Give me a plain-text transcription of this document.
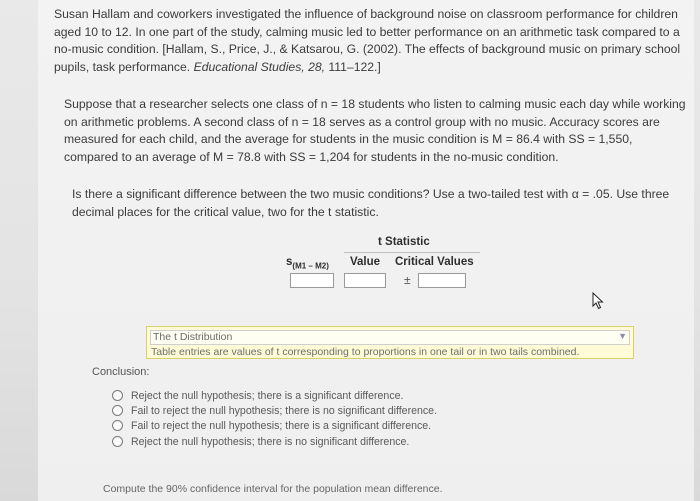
Susan Hallam and coworkers investigated the influence of background noise on classroom performance for children aged 10 to 12. In one part of the study, calming music led to better performance on an arithmetic task compared to a no-music condition. [Hallam, S., Price, J., & Katsarou, G. (2002). The effects of background music on primary school pupils, task performance. Educational Studies, 28, 111–122.]
Suppose that a researcher selects one class of n = 18 students who listen to calming music each day while working on arithmetic problems. A second class of n = 18 serves as a control group with no music. Accuracy scores are measured for each child, and the average for students in the music condition is M = 86.4 with SS = 1,550, compared to an average of M = 78.8 with SS = 1,204 for students in the no-music condition.
Is there a significant difference between the two music conditions? Use a two-tailed test with α = .05. Use three decimal places for the critical value, two for the t statistic.
t Statistic
$s_{(M1 - M2)}$ Value Critical Values
±
The t Distribution	▼
Table entries are values of t corresponding to proportions in one tail or in two tails combined.
Conclusion:
Reject the null hypothesis; there is a significant difference.
Fail to reject the null hypothesis; there is no significant difference.
Fail to reject the null hypothesis; there is a significant difference.
Reject the null hypothesis; there is no significant difference.
Compute the 90% confidence interval for the population mean difference.
